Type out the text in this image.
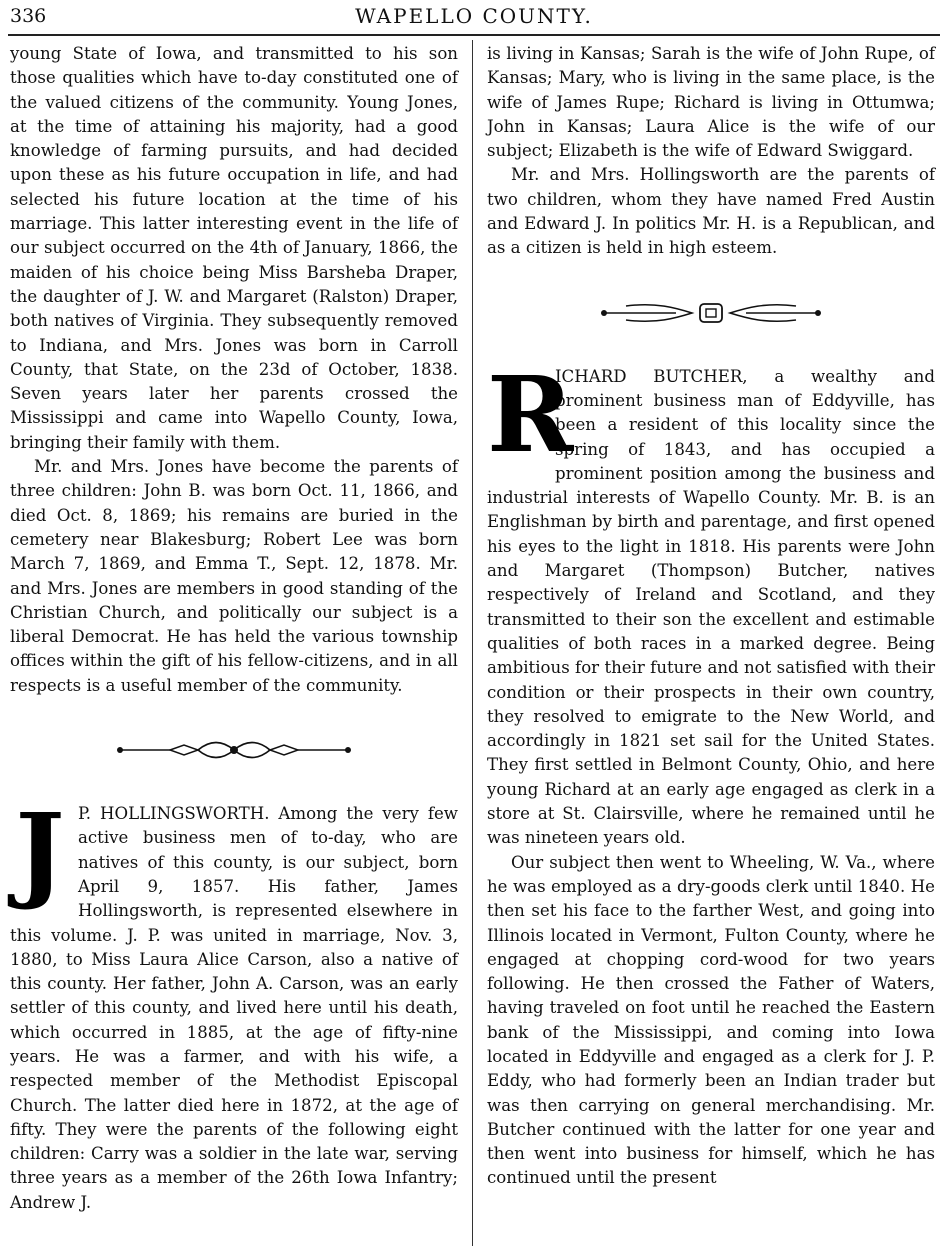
336	WAPELLO COUNTY.

young State of Iowa, and transmitted to his son those qualities which have to-day constituted one of the valued citizens of the community. Young Jones, at the time of attaining his majority, had a good knowledge of farming pursuits, and had decided upon these as his future occupation in life, and had selected his future location at the time of his marriage. This latter interesting event in the life of our subject occurred on the 4th of January, 1866, the maiden of his choice being Miss Barsheba Draper, the daughter of J. W. and Margaret (Ralston) Draper, both natives of Virginia. They subsequently removed to Indiana, and Mrs. Jones was born in Carroll County, that State, on the 23d of October, 1838. Seven years later her parents crossed the Mississippi and came into Wapello County, Iowa, bringing their family with them.

Mr. and Mrs. Jones have become the parents of three children: John B. was born Oct. 11, 1866, and died Oct. 8, 1869; his remains are buried in the cemetery near Blakesburg; Robert Lee was born March 7, 1869, and Emma T., Sept. 12, 1878. Mr. and Mrs. Jones are members in good standing of the Christian Church, and politically our subject is a liberal Democrat. He has held the various township offices within the gift of his fellow-citizens, and in all respects is a useful member of the community.

J P. HOLLINGSWORTH. Among the very few active business men of to-day, who are natives of this county, is our subject, born April 9, 1857. His father, James Hollingsworth, is represented elsewhere in this volume. J. P. was united in marriage, Nov. 3, 1880, to Miss Laura Alice Carson, also a native of this county. Her father, John A. Carson, was an early settler of this county, and lived here until his death, which occurred in 1885, at the age of fifty-nine years. He was a farmer, and with his wife, a respected member of the Methodist Episcopal Church. The latter died here in 1872, at the age of fifty. They were the parents of the following eight children: Carry was a soldier in the late war, serving three years as a member of the 26th Iowa Infantry; Andrew J.

is living in Kansas; Sarah is the wife of John Rupe, of Kansas; Mary, who is living in the same place, is the wife of James Rupe; Richard is living in Ottumwa; John in Kansas; Laura Alice is the wife of our subject; Elizabeth is the wife of Edward Swiggard.

Mr. and Mrs. Hollingsworth are the parents of two children, whom they have named Fred Austin and Edward J. In politics Mr. H. is a Republican, and as a citizen is held in high esteem.

R
ICHARD BUTCHER, a wealthy and prominent business man of Eddyville, has been a resident of this locality since the spring of 1843, and has occupied a prominent position among the business and industrial interests of Wapello County. Mr. B. is an Englishman by birth and parentage, and first opened his eyes to the light in 1818. His parents were John and Margaret (Thompson) Butcher, natives respectively of Ireland and Scotland, and they transmitted to their son the excellent and estimable qualities of both races in a marked degree. Being ambitious for their future and not satisfied with their condition or their prospects in their own country, they resolved to emigrate to the New World, and accordingly in 1821 set sail for the United States. They first settled in Belmont County, Ohio, and here young Richard at an early age engaged as clerk in a store at St. Clairsville, where he remained until he was nineteen years old.

Our subject then went to Wheeling, W. Va., where he was employed as a dry-goods clerk until 1840. He then set his face to the farther West, and going into Illinois located in Vermont, Fulton County, where he engaged at chopping cord-wood for two years following. He then crossed the Father of Waters, having traveled on foot until he reached the Eastern bank of the Mississippi, and coming into Iowa located in Eddyville and engaged as a clerk for J. P. Eddy, who had formerly been an Indian trader but was then carrying on general merchandising. Mr. Butcher continued with the latter for one year and then went into business for himself, which he has continued until the present
